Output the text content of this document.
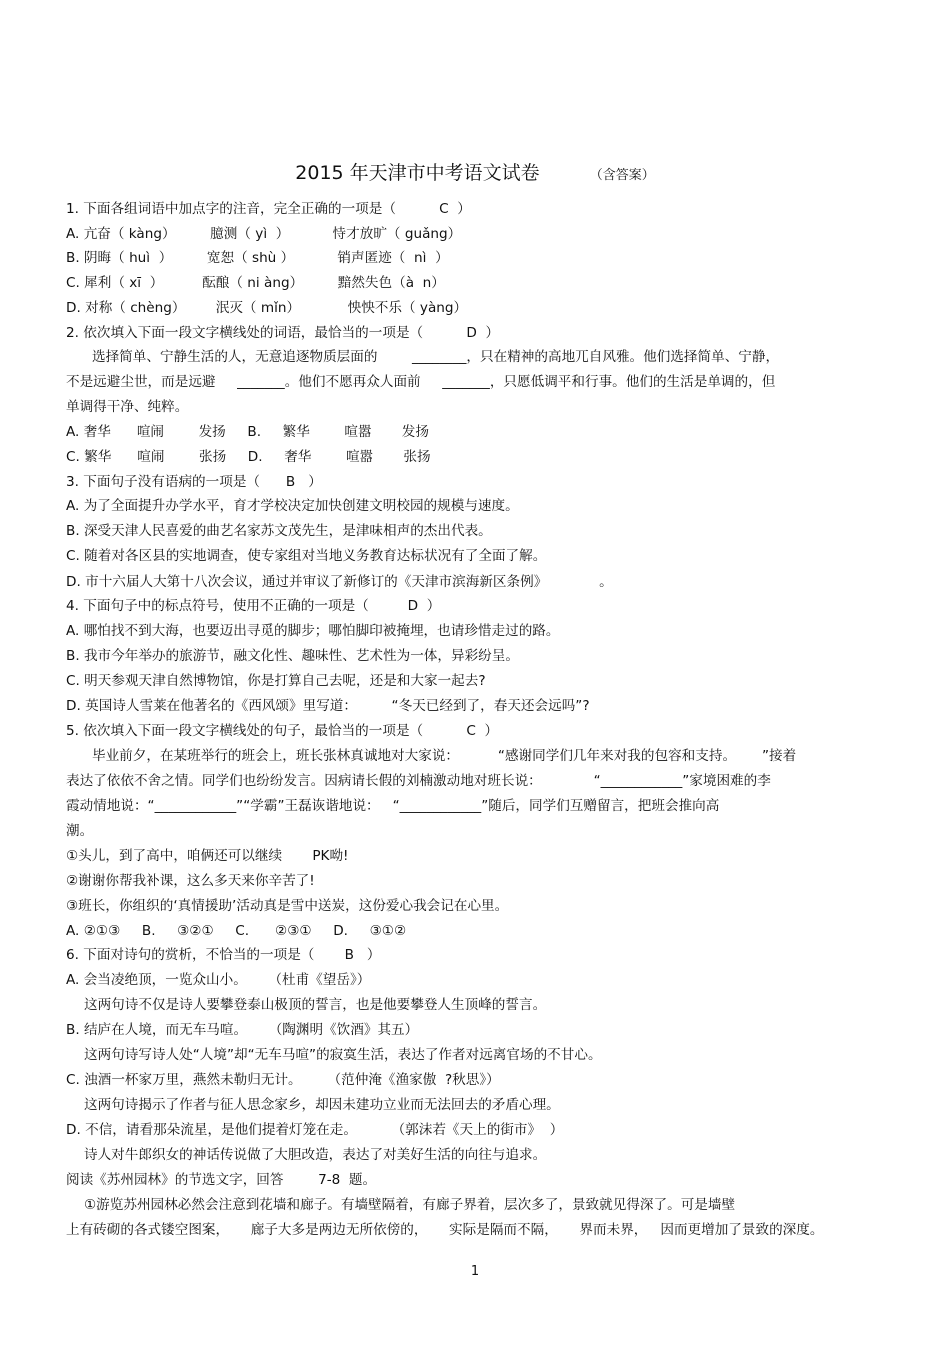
2015 年天津市中考语文试卷	（含答案）
1. 下面各组词语中加点字的注音，完全正确的一项是（          C  ）
A. 亢奋（ kàng）        臆测（ yì  ）          恃才放旷（ guǎng）
B. 阴晦（ huì  ）        宽恕（ shù ）          销声匿迹（  nì  ）
C. 犀利（ xī  ）         酝酿（ ni àng）        黯然失色（à  n）
D. 对称（ chèng）       泯灭（ mǐn）           怏怏不乐（ yàng）
2. 依次填入下面一段文字横线处的词语，最恰当的一项是（          D  ）
选择简单、宁静生活的人，无意追逐物质层面的        ________，只在精神的高地兀自风雅。他们选择简单、宁静，
不是远避尘世，而是远避     _______。他们不愿再众人面前     _______，只愿低调平和行事。他们的生活是单调的，但
单调得干净、纯粹。
A. 奢华      喧闹        发扬     B.     繁华        喧嚣       发扬
C. 繁华      喧闹        张扬     D.     奢华        喧嚣       张扬
3. 下面句子没有语病的一项是（      B   ）
A. 为了全面提升办学水平，育才学校决定加快创建文明校园的规模与速度。
B. 深受天津人民喜爱的曲艺名家苏文茂先生，是津味相声的杰出代表。
C. 随着对各区县的实地调查，使专家组对当地义务教育达标状况有了全面了解。
D. 市十六届人大第十八次会议，通过并审议了新修订的《天津市滨海新区条例》            。
4. 下面句子中的标点符号，使用不正确的一项是（         D  ）
A. 哪怕找不到大海，也要迈出寻觅的脚步；哪怕脚印被掩埋，也请珍惜走过的路。
B. 我市今年举办的旅游节，融文化性、趣味性、艺术性为一体，异彩纷呈。
C. 明天参观天津自然博物馆，你是打算自己去呢，还是和大家一起去?
D. 英国诗人雪莱在他著名的《西风颂》里写道：        “冬天已经到了，春天还会远吗”?
5. 依次填入下面一段文字横线处的句子，最恰当的一项是（          C  ）
毕业前夕，在某班举行的班会上，班长张林真诚地对大家说：         “感谢同学们几年来对我的包容和支持。      ”接着
表达了依依不舍之情。同学们也纷纷发言。因病请长假的刘楠激动地对班长说：            “____________”家境困难的李
霞动情地说：“____________”“学霸”王磊诙谐地说：   “____________”随后，同学们互赠留言，把班会推向高
潮。
①头儿，到了高中，咱俩还可以继续       PK呦!
②谢谢你帮我补课，这么多天来你辛苦了!
③班长，你组织的‘真情援助’活动真是雪中送炭，这份爱心我会记在心里。
A. ②①③     B.     ③②①     C.      ②③①     D.     ③①②
6. 下面对诗句的赏析，不恰当的一项是（       B   ）
A. 会当凌绝顶，一览众山小。     （杜甫《望岳》）
这两句诗不仅是诗人要攀登泰山极顶的誓言，也是他要攀登人生顶峰的誓言。
B. 结庐在人境，而无车马喧。     （陶渊明《饮酒》其五）
这两句诗写诗人处“人境”却“无车马喧”的寂寞生活，表达了作者对远离官场的不甘心。
C. 浊酒一杯家万里，燕然未勒归无计。      （范仲淹《渔家傲  ?秋思》）
这两句诗揭示了作者与征人思念家乡，却因未建功立业而无法回去的矛盾心理。
D. 不信，请看那朵流星，是他们提着灯笼在走。        （郭沫若《天上的街市》  ）
诗人对牛郎织女的神话传说做了大胆改造，表达了对美好生活的向往与追求。
阅读《苏州园林》的节选文字，回答        7-8  题。
①游览苏州园林必然会注意到花墙和廊子。有墙壁隔着，有廊子界着，层次多了，景致就见得深了。可是墙壁
上有砖砌的各式镂空图案，     廊子大多是两边无所依傍的，     实际是隔而不隔，     界而未界，   因而更增加了景致的深度。
1
